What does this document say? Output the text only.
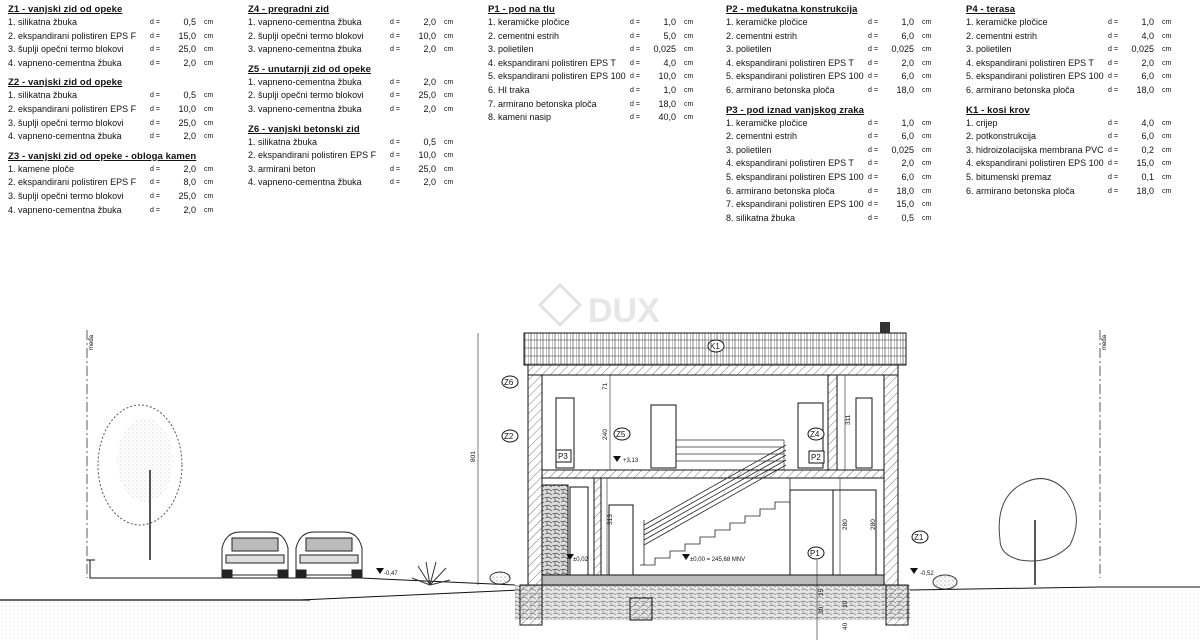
Z1 - vanjski zid od opeke
1. silikatna žbuka	d =	0,5	cm
2. ekspandirani polistiren EPS F	d =	15,0	cm
3. šuplji opečni termo blokovi	d =	25,0	cm
4. vapneno-cementna žbuka	d =	2,0	cm
Z2 - vanjski zid od opeke
1. silikatna žbuka	d =	0,5	cm
2. ekspandirani polistiren EPS F	d =	10,0	cm
3. šuplji opečni termo blokovi	d =	25,0	cm
4. vapneno-cementna žbuka	d =	2,0	cm
Z3 - vanjski zid od opeke - obloga kamen
1. kamene ploče	d =	2,0	cm
2. ekspandirani polistiren EPS F	d =	8,0	cm
3. šuplji opečni termo blokovi	d =	25,0	cm
4. vapneno-cementna žbuka	d =	2,0	cm
Z4 - pregradni zid
1. vapneno-cementna žbuka	d =	2,0	cm
2. šuplji opečni termo blokovi	d =	10,0	cm
3. vapneno-cementna žbuka	d =	2,0	cm
Z5 - unutarnji zid od opeke
1. vapneno-cementna žbuka	d =	2,0	cm
2. šuplji opečni termo blokovi	d =	25,0	cm
3. vapneno-cementna žbuka	d =	2,0	cm
Z6 - vanjski betonski zid
1. silikatna žbuka	d =	0,5	cm
2. ekspandirani polistiren EPS F	d =	10,0	cm
3. armirani beton	d =	25,0	cm
4. vapneno-cementna žbuka	d =	2,0	cm
P1 - pod na tlu
1. keramičke pločice	d =	1,0	cm
2. cementni estrih	d =	5,0	cm
3. polietilen	d =	0,025	cm
4. ekspandirani polistiren EPS T	d =	4,0	cm
5. ekspandirani polistiren EPS 100 d =	10,0	cm
6. HI traka	d =	1,0	cm
7. armirano betonska ploča	d =	18,0	cm
8. kameni nasip	d =	40,0	cm
P2 - međukatna konstrukcija
1. keramičke pločice	d =	1,0	cm
2. cementni estrih	d =	6,0	cm
3. polietilen	d =	0,025	cm
4. ekspandirani polistiren EPS T	d =	2,0	cm
5. ekspandirani polistiren EPS 100 d =	6,0	cm
6. armirano betonska ploča	d =	18,0	cm
P3 - pod iznad vanjskog zraka
1. keramičke pločice	d =	1,0	cm
2. cementni estrih	d =	6,0	cm
3. polietilen	d =	0,025	cm
4. ekspandirani polistiren EPS T	d =	2,0	cm
5. ekspandirani polistiren EPS 100 d =	6,0	cm
6. armirano betonska ploča	d =	18,0	cm
7. ekspandirani polistiren EPS 100 d =	15,0	cm
8. silikatna žbuka	d =	0,5	cm
P4 - terasa
1. keramičke pločice	d =	1,0	cm
2. cementni estrih	d =	4,0	cm
3. polietilen	d =	0,025	cm
4. ekspandirani polistiren EPS T	d =	2,0	cm
5. ekspandirani polistiren EPS 100 d =	6,0	cm
6. armirano betonska ploča	d =	18,0	cm
K1 - kosi krov
1. crijep	d =	4,0	cm
2. potkonstrukcija	d =	6,0	cm
3. hidroizolacijska membrana PVC d =	0,2	cm
4. ekspandirani polistiren EPS 100 d =	15,0	cm
5. bitumenski premaz	d =	0,1	cm
6. armirano betonska ploča	d =	18,0	cm
DUX
međa	međa
801
71
240
311
313	280	280
15
30
10
40
+3,13
±0,00 = 245,68 MNV
±0,02
-0,47	-0,52
K1
Z6
Z2
P3
Z5	Z4
P2
P1
Z1
